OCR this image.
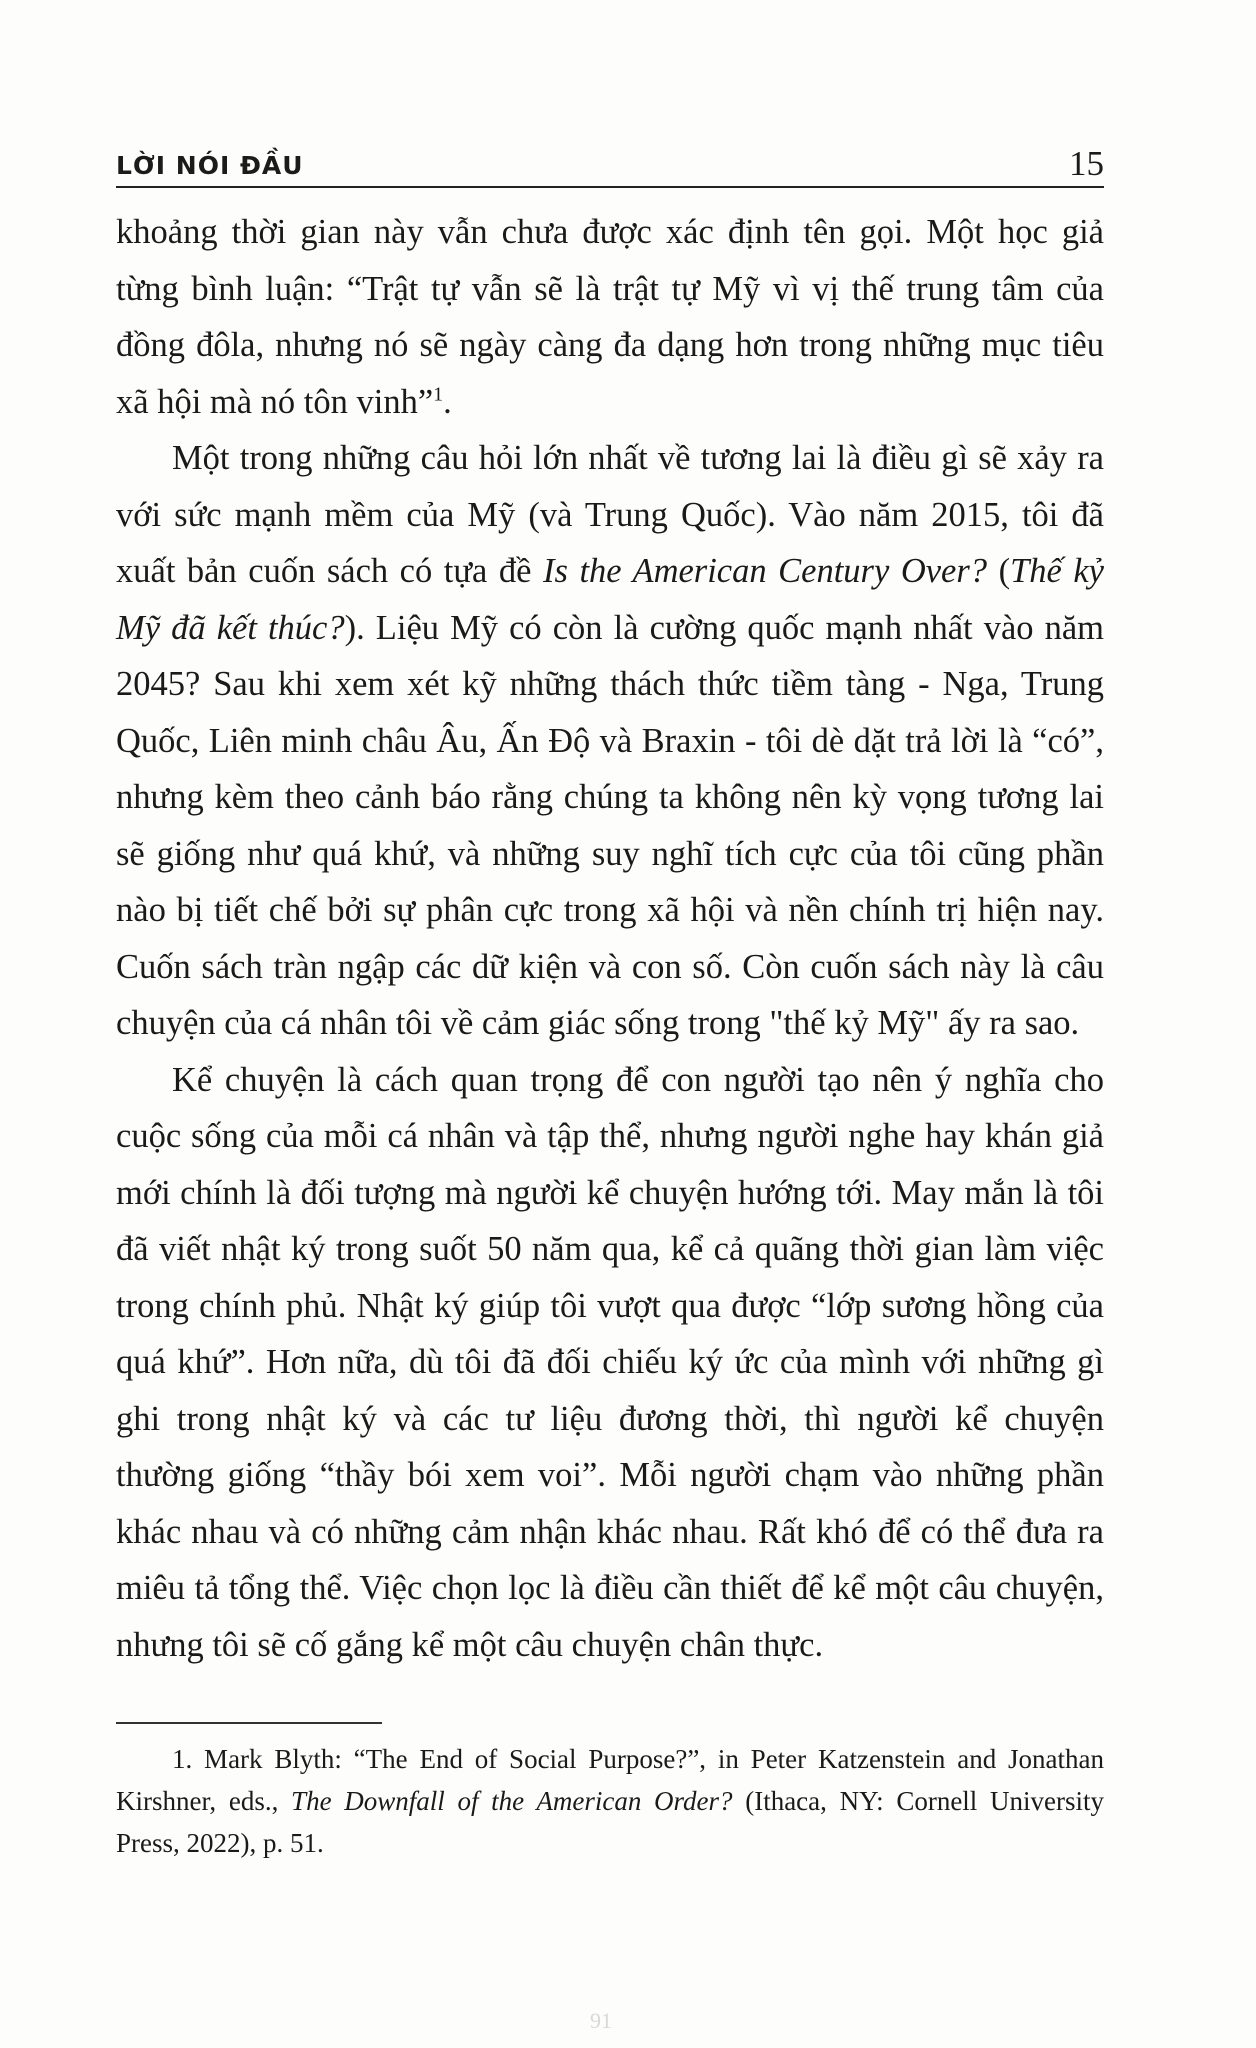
LỜI NÓI ĐẦU	15

khoảng thời gian này vẫn chưa được xác định tên gọi. Một học giả từng bình luận: “Trật tự vẫn sẽ là trật tự Mỹ vì vị thế trung tâm của đồng đôla, nhưng nó sẽ ngày càng đa dạng hơn trong những mục tiêu xã hội mà nó tôn vinh”$^1$.

Một trong những câu hỏi lớn nhất về tương lai là điều gì sẽ xảy ra với sức mạnh mềm của Mỹ (và Trung Quốc). Vào năm 2015, tôi đã xuất bản cuốn sách có tựa đề Is the American Century Over? (Thế kỷ Mỹ đã kết thúc?). Liệu Mỹ có còn là cường quốc mạnh nhất vào năm 2045? Sau khi xem xét kỹ những thách thức tiềm tàng - Nga, Trung Quốc, Liên minh châu Âu, Ấn Độ và Braxin - tôi dè dặt trả lời là “có”, nhưng kèm theo cảnh báo rằng chúng ta không nên kỳ vọng tương lai sẽ giống như quá khứ, và những suy nghĩ tích cực của tôi cũng phần nào bị tiết chế bởi sự phân cực trong xã hội và nền chính trị hiện nay. Cuốn sách tràn ngập các dữ kiện và con số. Còn cuốn sách này là câu chuyện của cá nhân tôi về cảm giác sống trong "thế kỷ Mỹ" ấy ra sao.

Kể chuyện là cách quan trọng để con người tạo nên ý nghĩa cho cuộc sống của mỗi cá nhân và tập thể, nhưng người nghe hay khán giả mới chính là đối tượng mà người kể chuyện hướng tới. May mắn là tôi đã viết nhật ký trong suốt 50 năm qua, kể cả quãng thời gian làm việc trong chính phủ. Nhật ký giúp tôi vượt qua được “lớp sương hồng của quá khứ”. Hơn nữa, dù tôi đã đối chiếu ký ức của mình với những gì ghi trong nhật ký và các tư liệu đương thời, thì người kể chuyện thường giống “thầy bói xem voi”. Mỗi người chạm vào những phần khác nhau và có những cảm nhận khác nhau. Rất khó để có thể đưa ra miêu tả tổng thể. Việc chọn lọc là điều cần thiết để kể một câu chuyện, nhưng tôi sẽ cố gắng kể một câu chuyện chân thực.

1. Mark Blyth: “The End of Social Purpose?”, in Peter Katzenstein and Jonathan Kirshner, eds., The Downfall of the American Order? (Ithaca, NY: Cornell University Press, 2022), p. 51.
91
